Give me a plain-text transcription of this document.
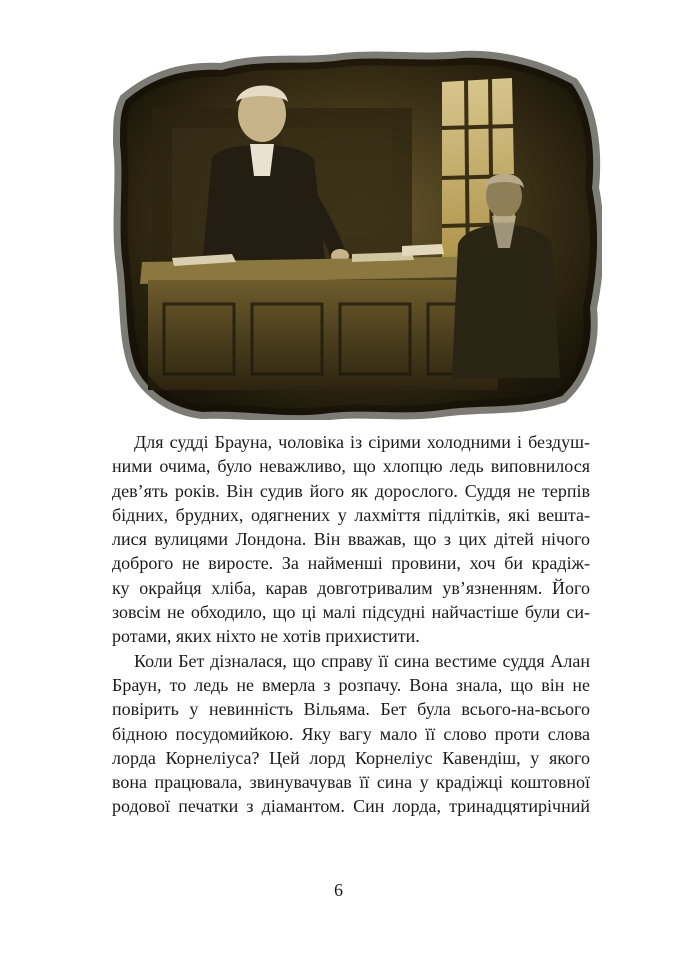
Для судді Брауна, чоловіка із сірими холодними і бездуш-
ними очима, було неважливо, що хлопцю ледь виповнилося
дев’ять років. Він судив його як дорослого. Суддя не терпів
бідних, брудних, одягнених у лахміття підлітків, які вешта-
лися вулицями Лондона. Він вважав, що з цих дітей нічого
доброго не виросте. За найменші провини, хоч би крадіж-
ку окрайця хліба, карав довготривалим ув’язненням. Його
зовсім не обходило, що ці малі підсудні найчастіше були си-
ротами, яких ніхто не хотів прихистити.

Коли Бет дізналася, що справу її сина вестиме суддя Алан
Браун, то ледь не вмерла з розпачу. Вона знала, що він не
повірить у невинність Вільяма. Бет була всього-на-всього
бідною посудомийкою. Яку вагу мало її слово проти слова
лорда Корнеліуса? Цей лорд Корнеліус Кавендіш, у якого
вона працювала, звинувачував її сина у крадіжці коштовної
родової печатки з діамантом. Син лорда, тринадцятирічний

6
